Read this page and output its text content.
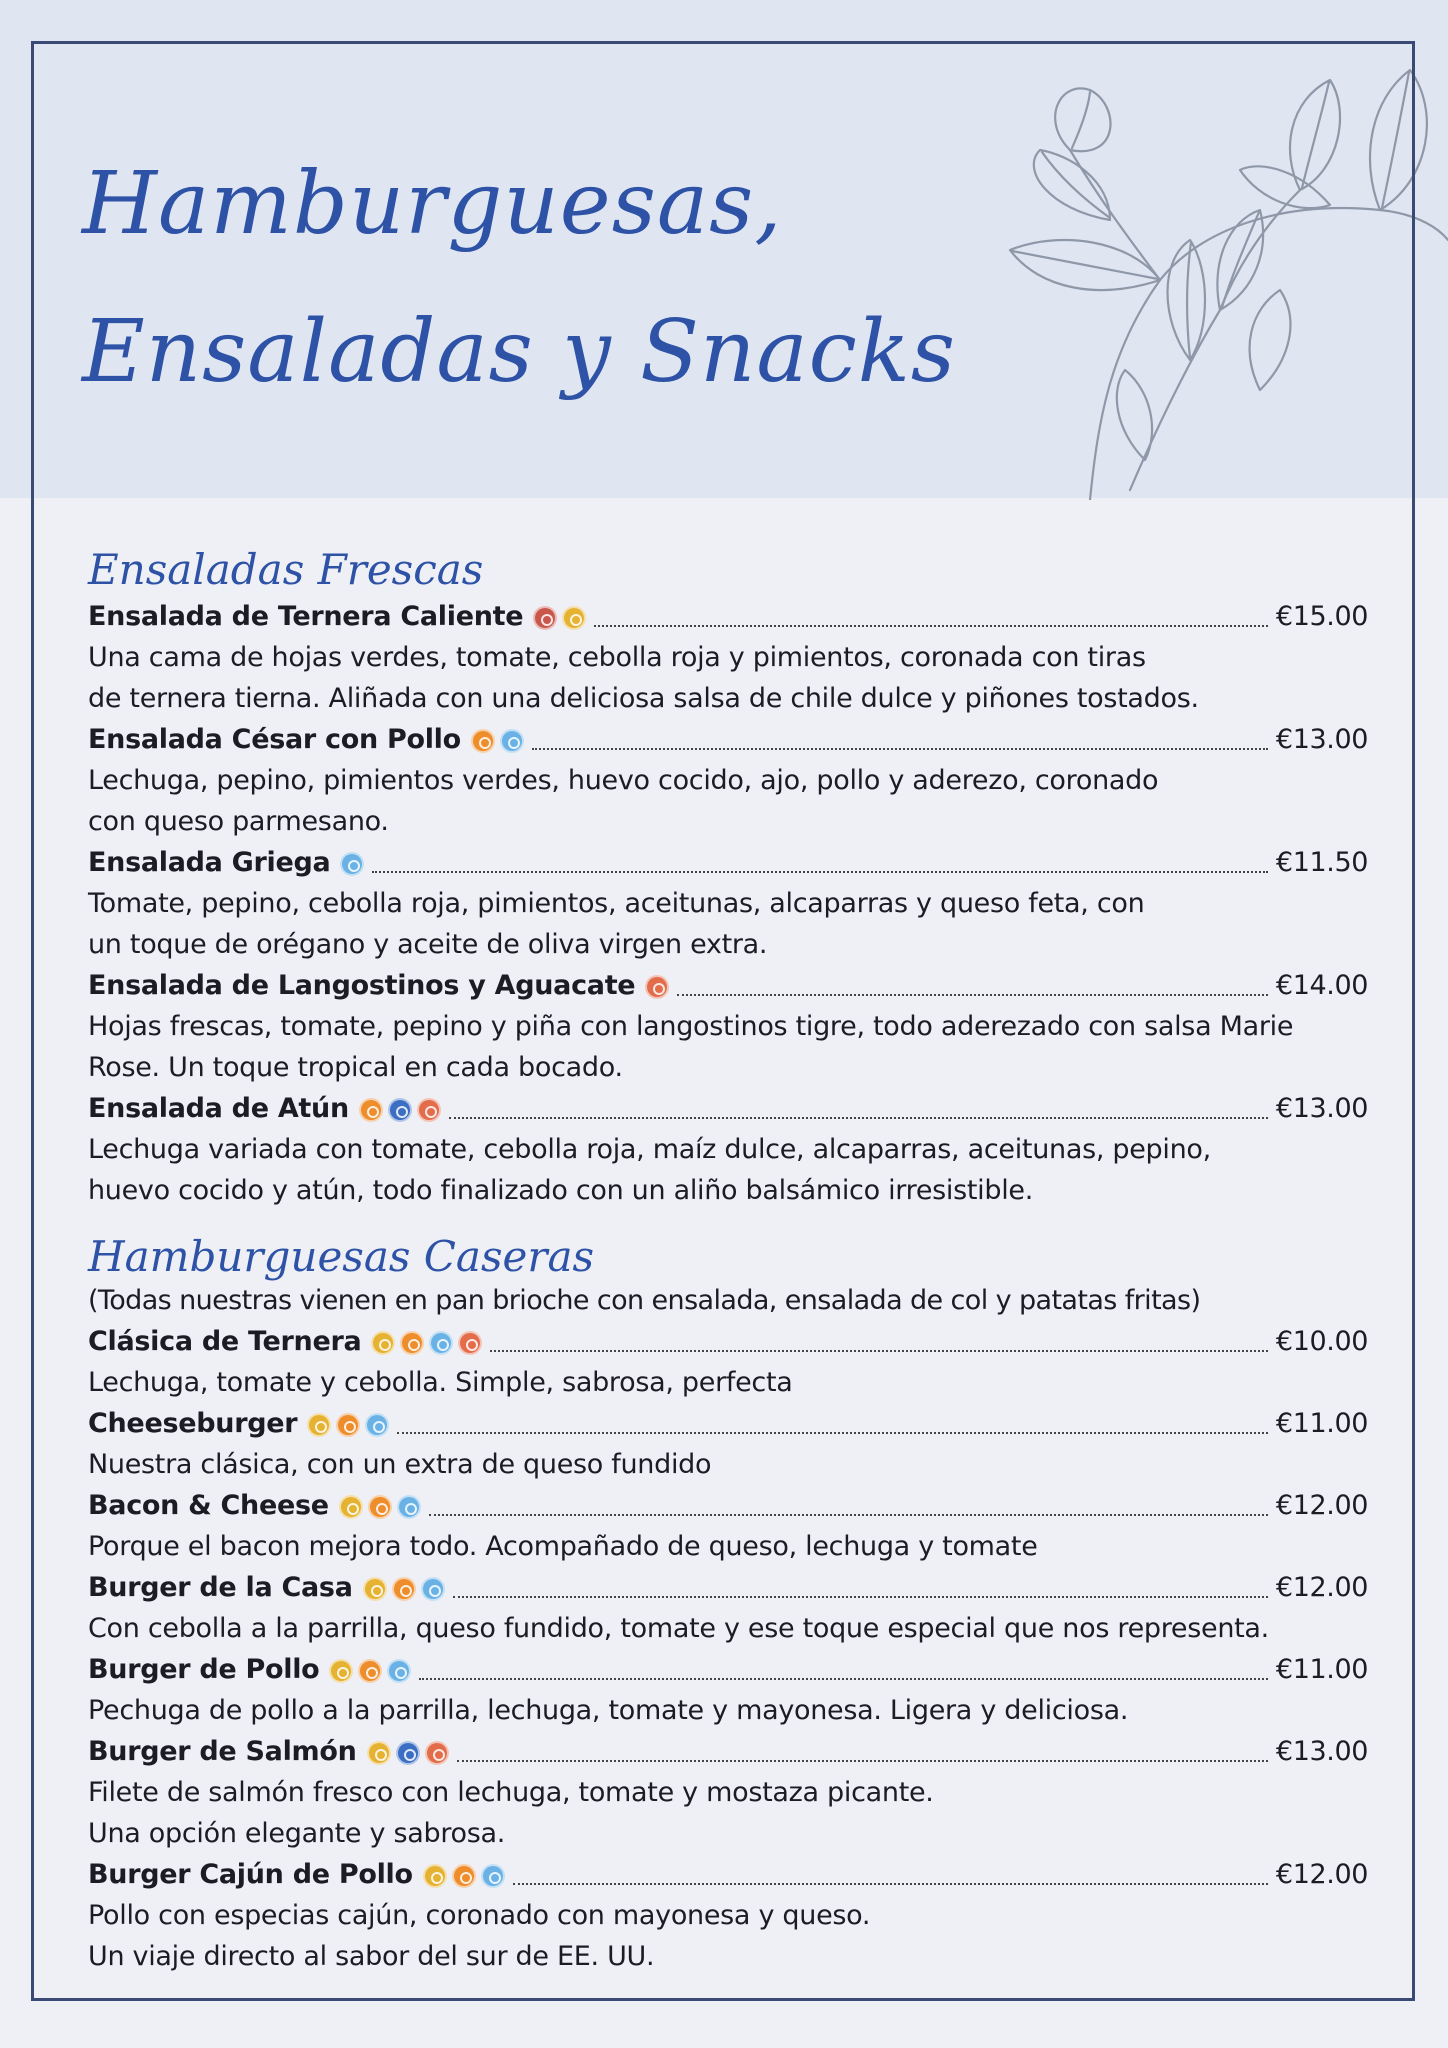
Hamburguesas,
Ensaladas y Snacks
Ensaladas Frescas
Ensalada de Ternera Caliente	€15.00
Una cama de hojas verdes, tomate, cebolla roja y pimientos, coronada con tiras
de ternera tierna. Aliñada con una deliciosa salsa de chile dulce y piñones tostados.
Ensalada César con Pollo	€13.00
Lechuga, pepino, pimientos verdes, huevo cocido, ajo, pollo y aderezo, coronado
con queso parmesano.
Ensalada Griega	€11.50
Tomate, pepino, cebolla roja, pimientos, aceitunas, alcaparras y queso feta, con
un toque de orégano y aceite de oliva virgen extra.
Ensalada de Langostinos y Aguacate	€14.00
Hojas frescas, tomate, pepino y piña con langostinos tigre, todo aderezado con salsa Marie
Rose. Un toque tropical en cada bocado.
Ensalada de Atún	€13.00
Lechuga variada con tomate, cebolla roja, maíz dulce, alcaparras, aceitunas, pepino,
huevo cocido y atún, todo finalizado con un aliño balsámico irresistible.
Hamburguesas Caseras
(Todas nuestras vienen en pan brioche con ensalada, ensalada de col y patatas fritas)
Clásica de Ternera	€10.00
Lechuga, tomate y cebolla. Simple, sabrosa, perfecta
Cheeseburger	€11.00
Nuestra clásica, con un extra de queso fundido
Bacon & Cheese	€12.00
Porque el bacon mejora todo. Acompañado de queso, lechuga y tomate
Burger de la Casa	€12.00
Con cebolla a la parrilla, queso fundido, tomate y ese toque especial que nos representa.
Burger de Pollo	€11.00
Pechuga de pollo a la parrilla, lechuga, tomate y mayonesa. Ligera y deliciosa.
Burger de Salmón	€13.00
Filete de salmón fresco con lechuga, tomate y mostaza picante.
Una opción elegante y sabrosa.
Burger Cajún de Pollo	€12.00
Pollo con especias cajún, coronado con mayonesa y queso.
Un viaje directo al sabor del sur de EE. UU.
